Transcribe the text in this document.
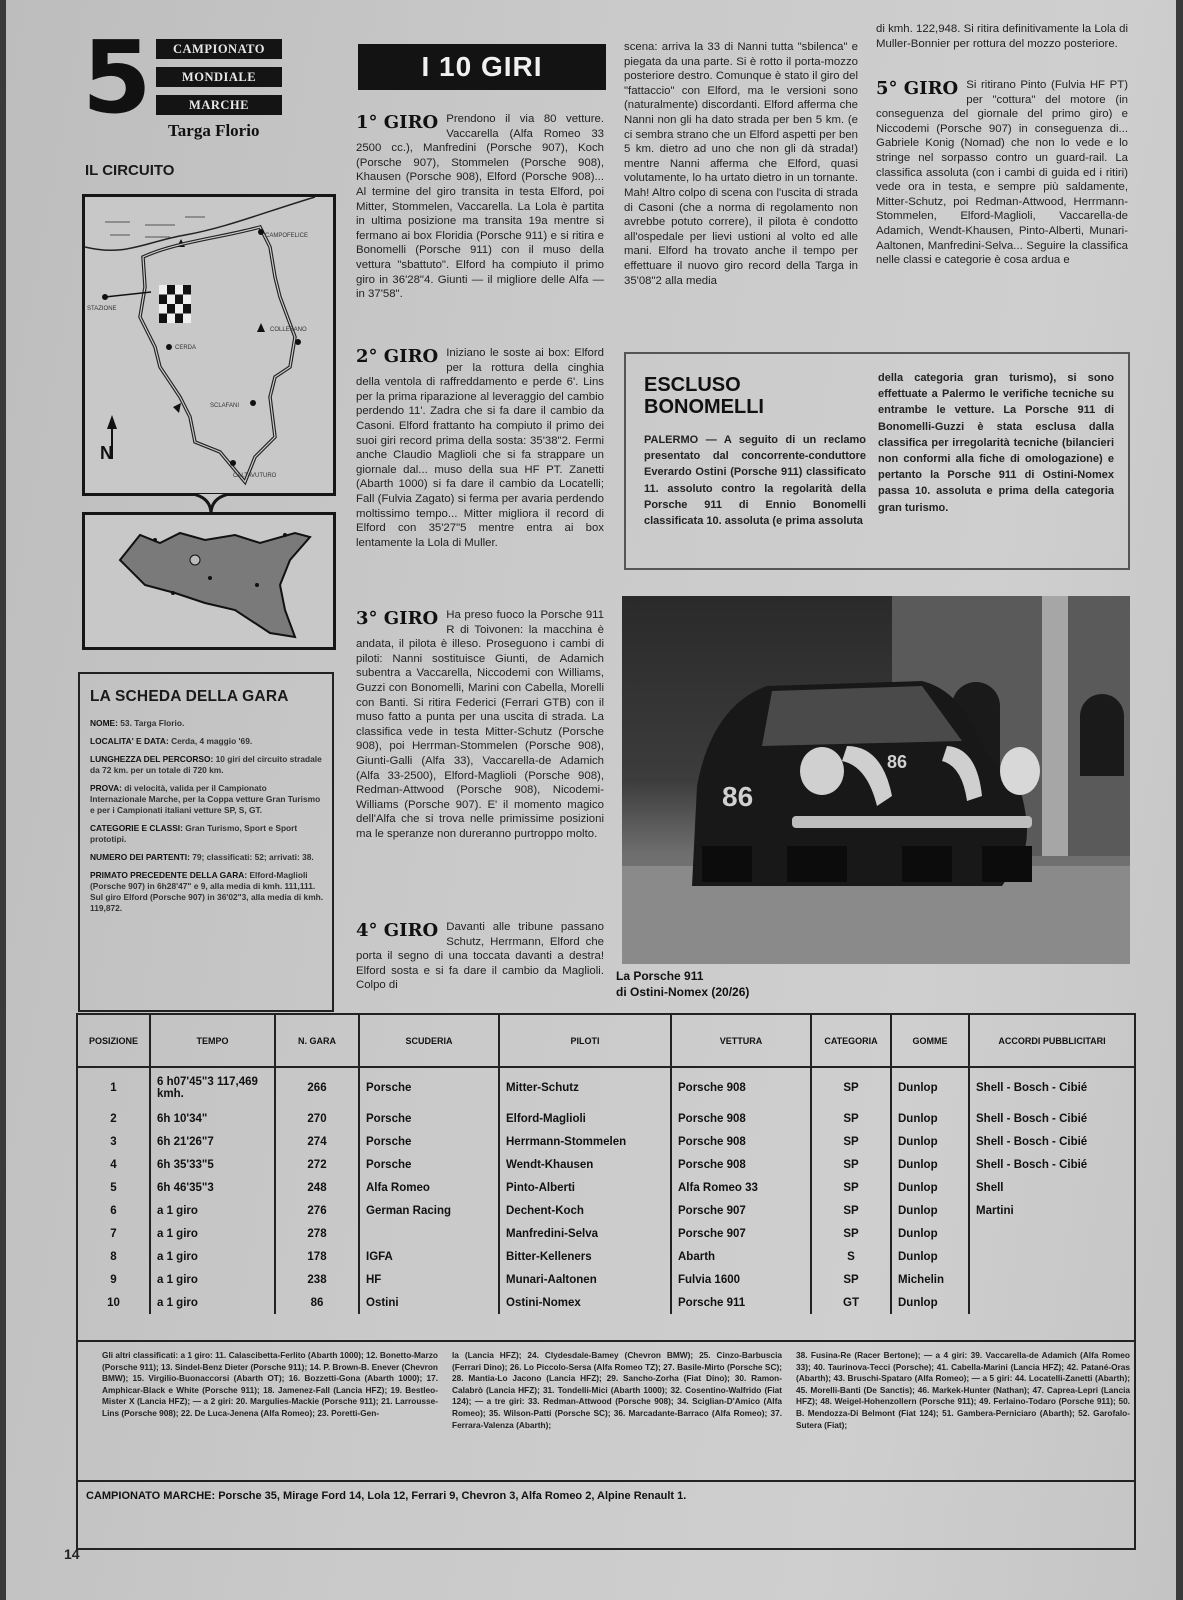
5	CAMPIONATO
MONDIALE
MARCHE
Targa Florio
IL CIRCUITO
CAMPOFELICE
STAZIONE
CERDA
COLLESANO
SCLAFANI
CALTAVUTURO
N
LA SCHEDA DELLA GARA

NOME: 53. Targa Florio.

LOCALITA' E DATA: Cerda, 4 maggio '69.

LUNGHEZZA DEL PERCORSO: 10 giri del circuito stradale da 72 km. per un totale di 720 km.

PROVA: di velocità, valida per il Campionato Internazionale Marche, per la Coppa vetture Gran Turismo e per i Campionati italiani vetture SP, S, GT.

CATEGORIE E CLASSI: Gran Turismo, Sport e Sport prototipi.

NUMERO DEI PARTENTI: 79; classificati: 52; arrivati: 38.

PRIMATO PRECEDENTE DELLA GARA: Elford-Maglioli (Porsche 907) in 6h28'47" e 9, alla media di kmh. 111,111. Sul giro Elford (Porsche 907) in 36'02"3, alla media di kmh. 119,872.

I 10 GIRI
1° GIRO Prendono il via 80 vetture. Vaccarella (Alfa Romeo 33 2500 cc.), Manfredini (Porsche 907), Koch (Porsche 907), Stommelen (Porsche 908), Khausen (Porsche 908), Elford (Porsche 908)... Al termine del giro transita in testa Elford, poi Mitter, Stommelen, Vaccarella. La Lola è partita in ultima posizione ma transita 19a mentre si fermano ai box Floridia (Porsche 911) e si ritira e Bonomelli (Porsche 911) con il muso della vettura "sbattuto". Elford ha compiuto il primo giro in 36'28"4. Giunti — il migliore delle Alfa — in 37'58".
2° GIRO Iniziano le soste ai box: Elford per la rottura della cinghia della ventola di raffreddamento e perde 6'. Lins per la prima riparazione al leveraggio del cambio perdendo 11'. Zadra che si fa dare il cambio da Casoni. Elford frattanto ha compiuto il primo dei suoi giri record prima della sosta: 35'38"2. Fermi anche Claudio Maglioli che si fa strappare un giornale dal... muso della sua HF PT. Zanetti (Abarth 1000) si fa dare il cambio da Locatelli; Fall (Fulvia Zagato) si ferma per avaria perdendo moltissimo tempo... Mitter migliora il record di Elford con 35'27"5 mentre entra ai box lentamente la Lola di Muller.
3° GIRO Ha preso fuoco la Porsche 911 R di Toivonen: la macchina è andata, il pilota è illeso. Proseguono i cambi di piloti: Nanni sostituisce Giunti, de Adamich subentra a Vaccarella, Niccodemi con Williams, Guzzi con Bonomelli, Marini con Cabella, Morelli con Banti. Si ritira Federici (Ferrari GTB) con il muso fatto a punta per una uscita di strada. La classifica vede in testa Mitter-Schutz (Porsche 908), poi Herrman-Stommelen (Porsche 908), Giunti-Galli (Alfa 33), Vaccarella-de Adamich (Alfa 33-2500), Elford-Maglioli (Porsche 908), Redman-Attwood (Porsche 908), Nicodemi-Williams (Porsche 907). E' il momento magico dell'Alfa che si trova nelle primissime posizioni ma le speranze non dureranno purtroppo molto.
4° GIRO Davanti alle tribune passano Schutz, Herrmann, Elford che porta il segno di una toccata davanti a destra! Elford sosta e si fa dare il cambio da Maglioli. Colpo di
scena: arriva la 33 di Nanni tutta "sbilenca" e piegata da una parte. Si è rotto il porta-mozzo posteriore destro. Comunque è stato il giro del "fattaccio" con Elford, ma le versioni sono (naturalmente) discordanti. Elford afferma che Nanni non gli ha dato strada per ben 5 km. (e ci sembra strano che un Elford aspetti per ben 5 km. dietro ad uno che non gli dà strada!) mentre Nanni afferma che Elford, quasi volutamente, lo ha urtato dietro in un tornante. Mah! Altro colpo di scena con l'uscita di strada di Casoni (che a norma di regolamento non avrebbe potuto correre), il pilota è condotto all'ospedale per lievi ustioni al volto ed alle mani. Elford ha trovato anche il tempo per effettuare il nuovo giro record della Targa in 35'08"2 alla media
di kmh. 122,948. Si ritira definitivamente la Lola di Muller-Bonnier per rottura del mozzo posteriore.
5° GIRO Si ritirano Pinto (Fulvia HF PT) per "cottura" del motore (in conseguenza del giornale del primo giro) e Niccodemi (Porsche 907) in conseguenza di... Gabriele Konig (Nomad) che non lo vede e lo stringe nel sorpasso contro un guard-rail. La classifica assoluta (con i cambi di guida ed i ritiri) vede ora in testa, e sempre più saldamente, Mitter-Schutz, poi Redman-Attwood, Herrmann-Stommelen, Elford-Maglioli, Vaccarella-de Adamich, Wendt-Khausen, Pinto-Alberti, Munari-Aaltonen, Manfredini-Selva... Seguire la classifica nelle classi e categorie è cosa ardua e
ESCLUSO
BONOMELLI
PALERMO — A seguito di un reclamo presentato dal concorrente-conduttore Everardo Ostini (Porsche 911) classificato 11. assoluto contro la regolarità della Porsche 911 di Ennio Bonomelli classificata 10. assoluta (e prima assoluta
della categoria gran turismo), si sono effettuate a Palermo le verifiche tecniche su entrambe le vetture. La Porsche 911 di Bonomelli-Guzzi è stata esclusa dalla classifica per irregolarità tecniche (bilancieri non conformi alla fiche di omologazione) e pertanto la Porsche 911 di Ostini-Nomex passa 10. assoluta e prima della categoria gran turismo.
86
86
La Porsche 911
di Ostini-Nomex (20/26)
POSIZIONE	TEMPO	N. GARA	SCUDERIA	PILOTI	VETTURA	CATEGORIA	GOMME	ACCORDI PUBBLICITARI
1	6 h07'45"3 117,469 kmh.	266	Porsche	Mitter-Schutz	Porsche 908	SP	Dunlop	Shell - Bosch - Cibié
2	6h 10'34"	270	Porsche	Elford-Maglioli	Porsche 908	SP	Dunlop	Shell - Bosch - Cibié
3	6h 21'26"7	274	Porsche	Herrmann-Stommelen	Porsche 908	SP	Dunlop	Shell - Bosch - Cibié
4	6h 35'33"5	272	Porsche	Wendt-Khausen	Porsche 908	SP	Dunlop	Shell - Bosch - Cibié
5	6h 46'35"3	248	Alfa Romeo	Pinto-Alberti	Alfa Romeo 33	SP	Dunlop	Shell
6	a 1 giro	276	German Racing	Dechent-Koch	Porsche 907	SP	Dunlop	Martini
7	a 1 giro	278		Manfredini-Selva	Porsche 907	SP	Dunlop	
8	a 1 giro	178	IGFA	Bitter-Kelleners	Abarth	S	Dunlop	
9	a 1 giro	238	HF	Munari-Aaltonen	Fulvia 1600	SP	Michelin	
10	a 1 giro	86	Ostini	Ostini-Nomex	Porsche 911	GT	Dunlop	
Gli altri classificati: a 1 giro: 11. Calascibetta-Ferlito (Abarth 1000); 12. Bonetto-Marzo (Porsche 911); 13. Sindel-Benz Dieter (Porsche 911); 14. P. Brown-B. Enever (Chevron BMW); 15. Virgilio-Buonaccorsi (Abarth OT); 16. Bozzetti-Gona (Abarth 1000); 17. Amphicar-Black e White (Porsche 911); 18. Jamenez-Fall (Lancia HFZ); 19. Bestleo-Mister X (Lancia HFZ); — a 2 giri: 20. Margulies-Mackie (Porsche 911); 21. Larrousse-Lins (Porsche 908); 22. De Luca-Jenena (Alfa Romeo); 23. Poretti-Gen-
la (Lancia HFZ); 24. Clydesdale-Bamey (Chevron BMW); 25. Cinzo-Barbuscia (Ferrari Dino); 26. Lo Piccolo-Sersa (Alfa Romeo TZ); 27. Basile-Mirto (Porsche SC); 28. Mantia-Lo Jacono (Lancia HFZ); 29. Sancho-Zorha (Fiat Dino); 30. Ramon-Calabrò (Lancia HFZ); 31. Tondelli-Mici (Abarth 1000); 32. Cosentino-Walfrido (Fiat 124); — a tre giri: 33. Redman-Attwood (Porsche 908); 34. Sciglian-D'Amico (Alfa Romeo); 35. Wilson-Patti (Porsche SC); 36. Marcadante-Barraco (Alfa Romeo); 37. Ferrara-Valenza (Abarth);
38. Fusina-Re (Racer Bertone); — a 4 giri: 39. Vaccarella-de Adamich (Alfa Romeo 33); 40. Taurinova-Tecci (Porsche); 41. Cabella-Marini (Lancia HFZ); 42. Patané-Oras (Abarth); 43. Bruschi-Spataro (Alfa Romeo); — a 5 giri: 44. Locatelli-Zanetti (Abarth); 45. Morelli-Banti (De Sanctis); 46. Markek-Hunter (Nathan); 47. Caprea-Lepri (Lancia HFZ); 48. Weigel-Hohenzollern (Porsche 911); 49. Ferlaino-Todaro (Porsche 911); 50. B. Mendozza-Di Belmont (Fiat 124); 51. Gambera-Perniciaro (Abarth); 52. Garofalo-Sutera (Fiat);
CAMPIONATO MARCHE: Porsche 35, Mirage Ford 14, Lola 12, Ferrari 9, Chevron 3, Alfa Romeo 2, Alpine Renault 1.
14
